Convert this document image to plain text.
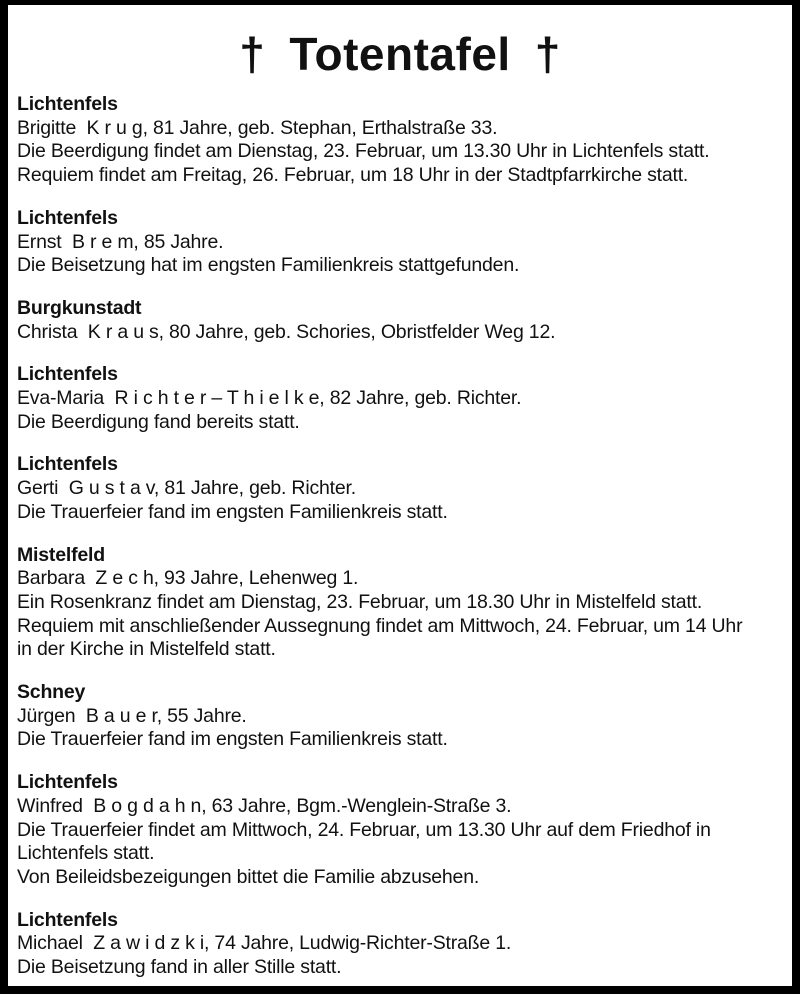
† Totentafel †
Lichtenfels

Brigitte  K r u g, 81 Jahre, geb. Stephan, Erthalstraße 33.

Die Beerdigung findet am Dienstag, 23. Februar, um 13.30 Uhr in Lichtenfels statt.

Requiem findet am Freitag, 26. Februar, um 18 Uhr in der Stadtpfarrkirche statt.

Lichtenfels

Ernst  B r e m, 85 Jahre.

Die Beisetzung hat im engsten Familienkreis stattgefunden.

Burgkunstadt

Christa  K r a u s, 80 Jahre, geb. Schories, Obristfelder Weg 12.

Lichtenfels

Eva-Maria  R i c h t e r – T h i e l k e, 82 Jahre, geb. Richter.

Die Beerdigung fand bereits statt.

Lichtenfels

Gerti  G u s t a v, 81 Jahre, geb. Richter.

Die Trauerfeier fand im engsten Familienkreis statt.

Mistelfeld

Barbara  Z e c h, 93 Jahre, Lehenweg 1.

Ein Rosenkranz findet am Dienstag, 23. Februar, um 18.30 Uhr in Mistelfeld statt.

Requiem mit anschließender Aussegnung findet am Mittwoch, 24. Februar, um 14 Uhr

in der Kirche in Mistelfeld statt.

Schney

Jürgen  B a u e r, 55 Jahre.

Die Trauerfeier fand im engsten Familienkreis statt.

Lichtenfels

Winfred  B o g d a h n, 63 Jahre, Bgm.-Wenglein-Straße 3.

Die Trauerfeier findet am Mittwoch, 24. Februar, um 13.30 Uhr auf dem Friedhof in

Lichtenfels statt.

Von Beileidsbezeigungen bittet die Familie abzusehen.

Lichtenfels

Michael  Z a w i d z k i, 74 Jahre, Ludwig-Richter-Straße 1.

Die Beisetzung fand in aller Stille statt.
